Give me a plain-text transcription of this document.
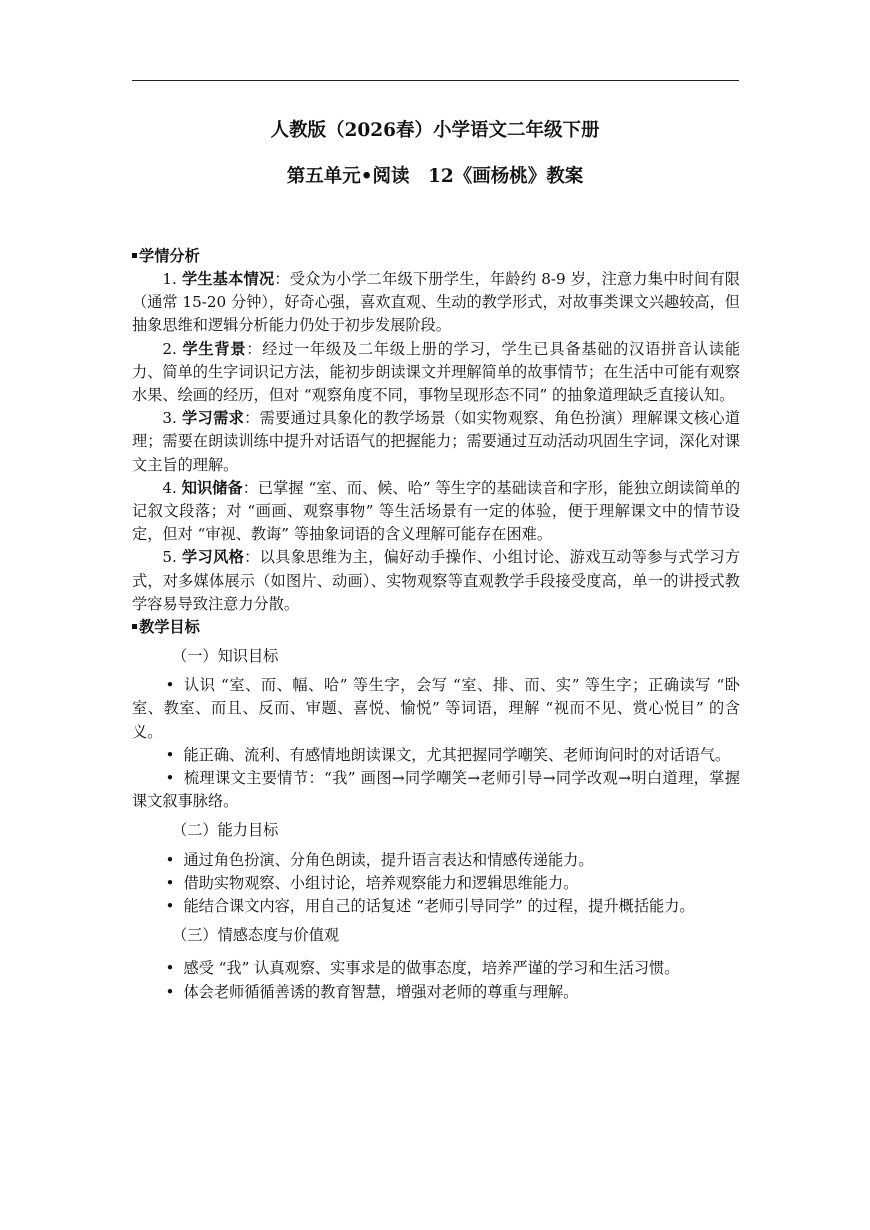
人教版（2026春）小学语文二年级下册
第五单元•阅读　12《画杨桃》教案
学情分析

1. 学生基本情况：受众为小学二年级下册学生，年龄约 8-9 岁，注意力集中时间有限（通常 15-20 分钟），好奇心强，喜欢直观、生动的教学形式，对故事类课文兴趣较高，但抽象思维和逻辑分析能力仍处于初步发展阶段。

2. 学生背景：经过一年级及二年级上册的学习，学生已具备基础的汉语拼音认读能力、简单的生字词识记方法，能初步朗读课文并理解简单的故事情节；在生活中可能有观察水果、绘画的经历，但对 “观察角度不同，事物呈现形态不同” 的抽象道理缺乏直接认知。

3. 学习需求：需要通过具象化的教学场景（如实物观察、角色扮演）理解课文核心道理；需要在朗读训练中提升对话语气的把握能力；需要通过互动活动巩固生字词，深化对课文主旨的理解。

4. 知识储备：已掌握 “室、而、候、哈” 等生字的基础读音和字形，能独立朗读简单的记叙文段落；对 “画画、观察事物” 等生活场景有一定的体验，便于理解课文中的情节设定，但对 “审视、教诲” 等抽象词语的含义理解可能存在困难。

5. 学习风格：以具象思维为主，偏好动手操作、小组讨论、游戏互动等参与式学习方式，对多媒体展示（如图片、动画）、实物观察等直观教学手段接受度高，单一的讲授式教学容易导致注意力分散。

教学目标

（一）知识目标

• 认识 “室、而、幅、哈” 等生字，会写 “室、排、而、实” 等生字；正确读写 “卧室、教室、而且、反而、审题、喜悦、愉悦” 等词语，理解 “视而不见、赏心悦目” 的含义。

• 能正确、流利、有感情地朗读课文，尤其把握同学嘲笑、老师询问时的对话语气。

• 梳理课文主要情节：“我” 画图→同学嘲笑→老师引导→同学改观→明白道理，掌握课文叙事脉络。

（二）能力目标

• 通过角色扮演、分角色朗读，提升语言表达和情感传递能力。

• 借助实物观察、小组讨论，培养观察能力和逻辑思维能力。

• 能结合课文内容，用自己的话复述 “老师引导同学” 的过程，提升概括能力。

（三）情感态度与价值观

• 感受 “我” 认真观察、实事求是的做事态度，培养严谨的学习和生活习惯。

• 体会老师循循善诱的教育智慧，增强对老师的尊重与理解。
